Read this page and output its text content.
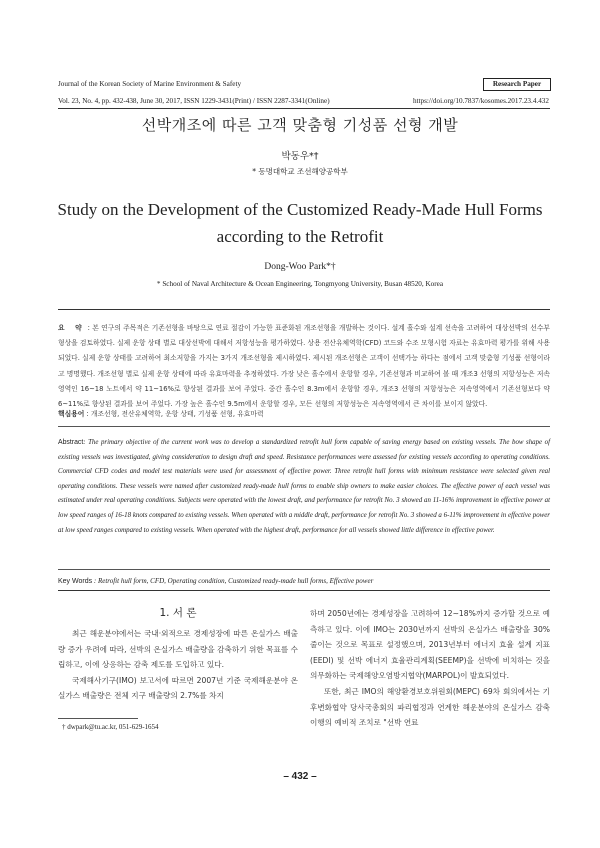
Journal of the Korean Society of Marine Environment & Safety	Research Paper
Vol. 23, No. 4, pp. 432-438, June 30, 2017, ISSN 1229-3431(Print) / ISSN 2287-3341(Online)	https://doi.org/10.7837/kosomes.2017.23.4.432
선박개조에 따른 고객 맞춤형 기성품 선형 개발
박동우*†
* 동명대학교 조선해양공학부
Study on the Development of the Customized Ready-Made Hull Forms according to the Retrofit
Dong-Woo Park*†
* School of Naval Architecture & Ocean Engineering, Tongmyong University, Busan 48520, Korea
요 약 : 본 연구의 주목적은 기존선형을 바탕으로 연료 절감이 가능한 표준화된 개조선형을 개발하는 것이다. 설계 흘수와 설계 선속을 고려하여 대상선박의 선수부 형상을 검토하였다. 실제 운항 상태 별로 대상선박에 대해서 저항성능을 평가하였다. 상용 전산유체역학(CFD) 코드와 수조 모형시험 자료는 유효마력 평가를 위해 사용되었다. 실제 운항 상태를 고려하여 최소저항을 가지는 3가지 개조선형을 제시하였다. 제시된 개조선형은 고객이 선택가능 하다는 점에서 고객 맞춤형 기성품 선형이라고 명명했다. 개조선형 별로 실제 운항 상태에 따라 유효마력을 추정하였다. 가장 낮은 흘수에서 운항할 경우, 기존선형과 비교하여 볼 때 개조3 선형의 저항성능은 저속영역인 16~18 노트에서 약 11~16%로 향상된 결과를 보여 주었다. 중간 흘수인 8.3m에서 운항할 경우, 개조3 선형의 저항성능은 저속영역에서 기존선형보다 약 6~11%로 향상된 결과를 보여 주었다. 가장 높은 흘수인 9.5m에서 운항할 경우, 모든 선형의 저항성능은 저속영역에서 큰 차이를 보이지 않았다.
핵심용어 : 개조선형, 전산유체역학, 운항 상태, 기성품 선형, 유효마력
Abstract: The primary objective of the current work was to develop a standardized retrofit hull form capable of saving energy based on existing vessels. The bow shape of existing vessels was investigated, giving consideration to design draft and speed. Resistance performances were assessed for existing vessels according to operating conditions. Commercial CFD codes and model test materials were used for assessment of effective power. Three retrofit hull forms with minimum resistance were selected given real operating conditions. These vessels were named after customized ready-made hull forms to enable ship owners to make easier choices. The effective power of each vessel was estimated under real operating conditions. Subjects were operated with the lowest draft, and performance for retrofit No. 3 showed an 11-16% improvement in effective power at low speed ranges of 16-18 knots compared to existing vessels. When operated with a middle draft, performance for retrofit No. 3 showed a 6-11% improvement in effective power at low speed ranges compared to existing vessels. When operated with the highest draft, performance for all vessels showed little difference in effective power.
Key Words : Retrofit hull form, CFD, Operating condition, Customized ready-made hull forms, Effective power
1. 서 론

최근 해운분야에서는 국내·외적으로 경제성장에 따른 온실가스 배출량 증가 우려에 따라, 선박의 온실가스 배출량을 감축하기 위한 목표를 수립하고, 이에 상응하는 감축 제도를 도입하고 있다.

국제해사기구(IMO) 보고서에 따르면 2007년 기준 국제해운분야 온실가스 배출량은 전체 지구 배출량의 2.7%를 차지

하며 2050년에는 경제성장을 고려하여 12~18%까지 증가할 것으로 예측하고 있다. 이에 IMO는 2030년까지 선박의 온실가스 배출량을 30% 줄이는 것으로 목표로 설정했으며, 2013년부터 에너지 효율 설계 지표(EEDI) 및 선박 에너지 효율관리계획(SEEMP)을 선박에 비치하는 것을 의무화하는 국제해양오염방지협약(MARPOL)이 발효되었다.

또한, 최근 IMO의 해양환경보호위원회(MEPC) 69차 회의에서는 기후변화협약 당사국총회의 파리협정과 연계한 해운분야의 온실가스 감축 이행의 예비적 조치로 "선박 연료

† dwpark@tu.ac.kr, 051-629-1654
– 432 –
